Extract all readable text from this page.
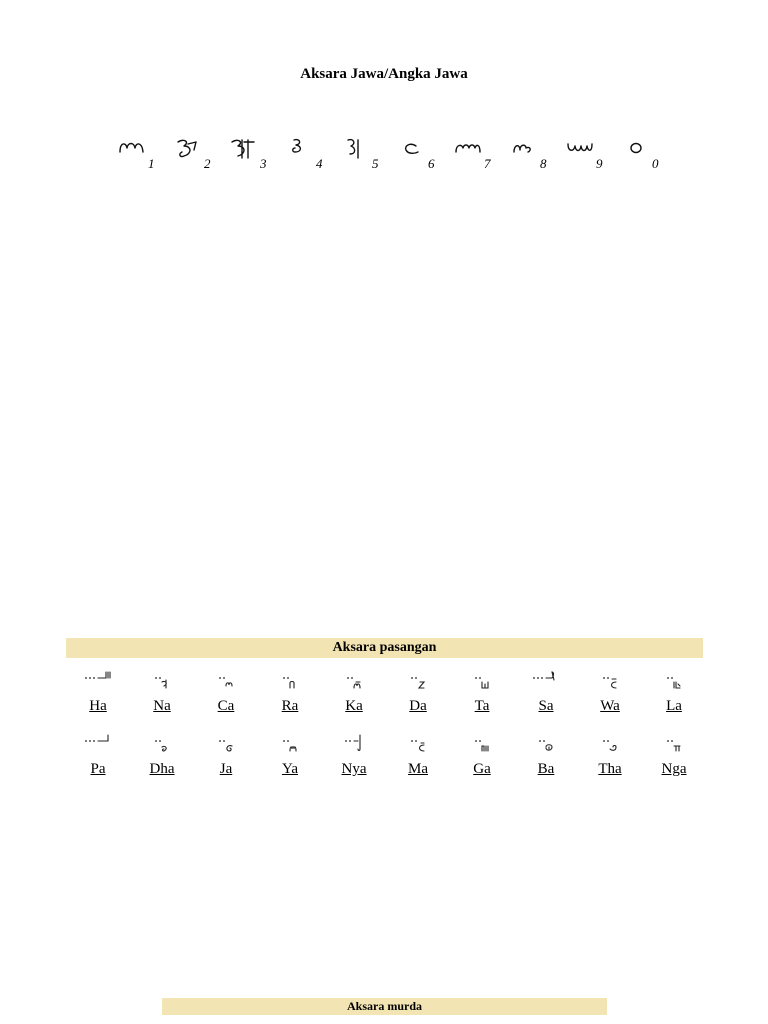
Aksara Jawa/Angka Jawa
1	2	3	4	5	6	7	8	9	0
Aksara pasangan
Ha	Na	Ca	Ra	Ka	Da	Ta	Sa	Wa	La
Pa	Dha	Ja	Ya	Nya	Ma	Ga	Ba	Tha	Nga
Aksara murda
